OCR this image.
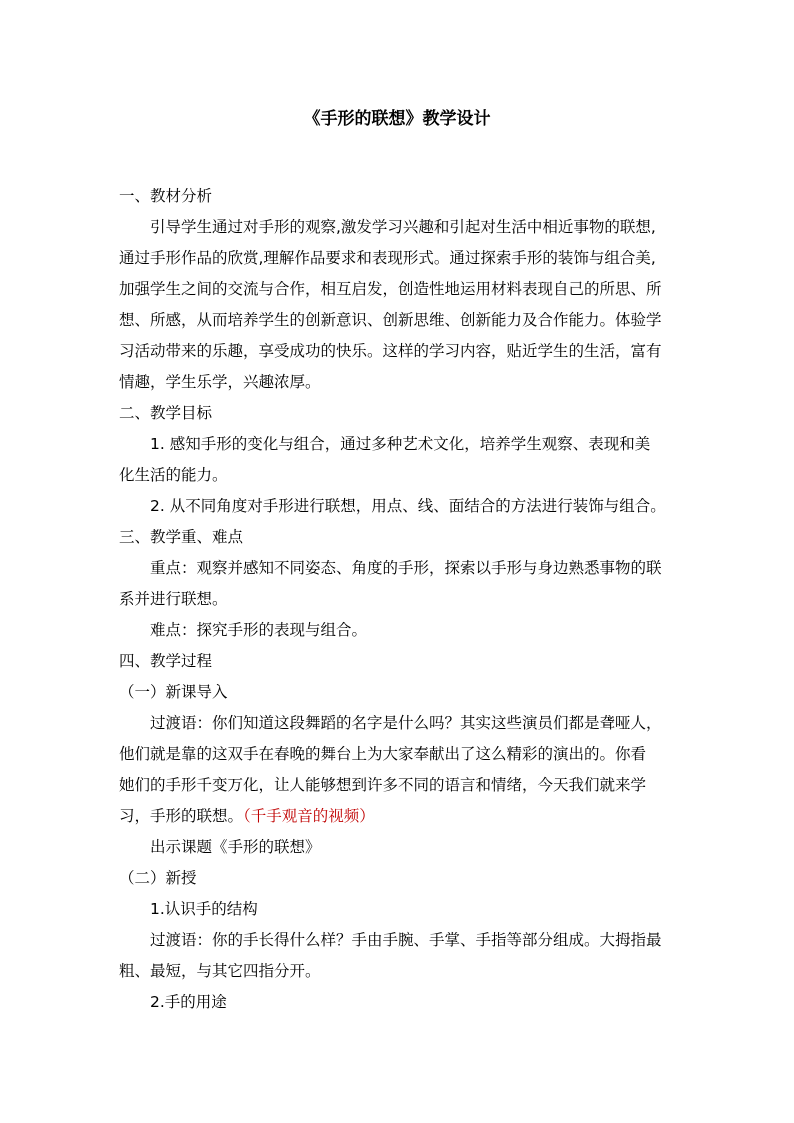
《手形的联想》教学设计
一、教材分析
引导学生通过对手形的观察,激发学习兴趣和引起对生活中相近事物的联想,
通过手形作品的欣赏,理解作品要求和表现形式。通过探索手形的装饰与组合美,
加强学生之间的交流与合作，相互启发，创造性地运用材料表现自己的所思、所
想、所感，从而培养学生的创新意识、创新思维、创新能力及合作能力。体验学
习活动带来的乐趣，享受成功的快乐。这样的学习内容，贴近学生的生活，富有
情趣，学生乐学，兴趣浓厚。
二、教学目标
1. 感知手形的变化与组合，通过多种艺术文化，培养学生观察、表现和美
化生活的能力。
2. 从不同角度对手形进行联想，用点、线、面结合的方法进行装饰与组合。
三、教学重、难点
重点：观察并感知不同姿态、角度的手形，探索以手形与身边熟悉事物的联
系并进行联想。
难点：探究手形的表现与组合。
四、教学过程
（一）新课导入
过渡语：你们知道这段舞蹈的名字是什么吗？其实这些演员们都是聋哑人，
他们就是靠的这双手在春晚的舞台上为大家奉献出了这么精彩的演出的。你看
她们的手形千变万化，让人能够想到许多不同的语言和情绪，今天我们就来学
习，手形的联想。（千手观音的视频）
出示课题《手形的联想》
（二）新授
1.认识手的结构
过渡语：你的手长得什么样？手由手腕、手掌、手指等部分组成。大拇指最
粗、最短，与其它四指分开。
2.手的用途
